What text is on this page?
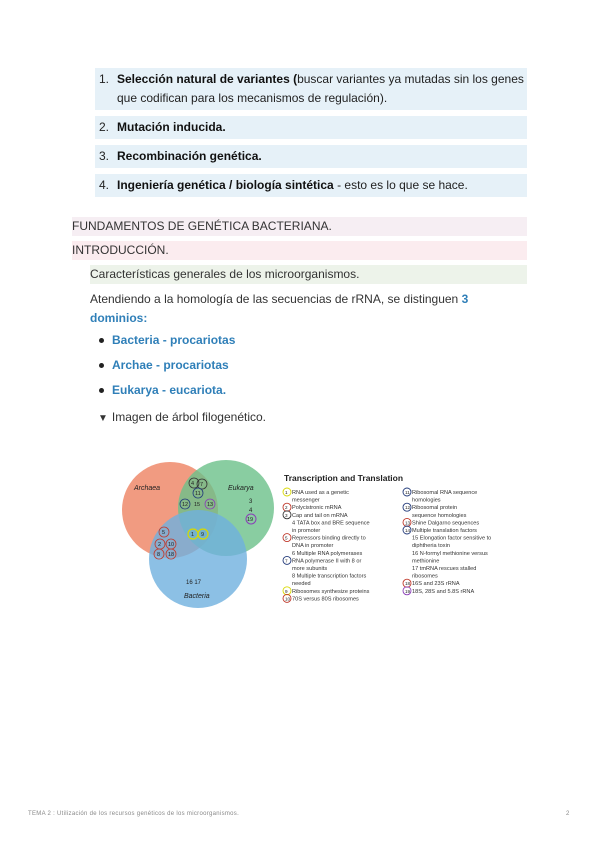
1. Selección natural de variantes (buscar variantes ya mutadas sin los genes que codifican para los mecanismos de regulación).
2. Mutación inducida.
3. Recombinación genética.
4. Ingeniería genética / biología sintética - esto es lo que se hace.
FUNDAMENTOS DE GENÉTICA BACTERIANA.
INTRODUCCIÓN.
Características generales de los microorganismos.
Atendiendo a la homología de las secuencias de rRNA, se distinguen 3 dominios:
Bacteria - procariotas
Archae - procariotas
Eukarya - eucariota.
▼ Imagen de árbol filogenético.
Archaea	Eukarya
Bacteria
3
4
19
16 17
4 7
11
12 15 13
5
2 10
8 18
1 9
Transcription and Translation
RNA used as a genetic
messenger
Polycistronic mRNA
Cap and tail on mRNA
4 TATA box and BRE sequence
in promoter
Repressors binding directly to
DNA in promoter
6 Multiple RNA polymerases
RNA polymerase II with 8 or
more subunits
8 Multiple transcription factors
needed
Ribosomes synthesize proteins
70S versus 80S ribosomes
1
2
3
5
7
9
10
Ribosomal RNA sequence
homologies
Ribosomal protein
sequence homologies
Shine Dalgarno sequences
Multiple translation factors
15 Elongation factor sensitive to
diphtheria toxin
16 N-formyl methionine versus
methionine
17 tmRNA rescues stalled
ribosomes
16S and 23S rRNA
18S, 28S and 5.8S rRNA
11
12
13
14
18
19
TEMA 2 : Utilización de los recursos genéticos de los microorganismos.	2
